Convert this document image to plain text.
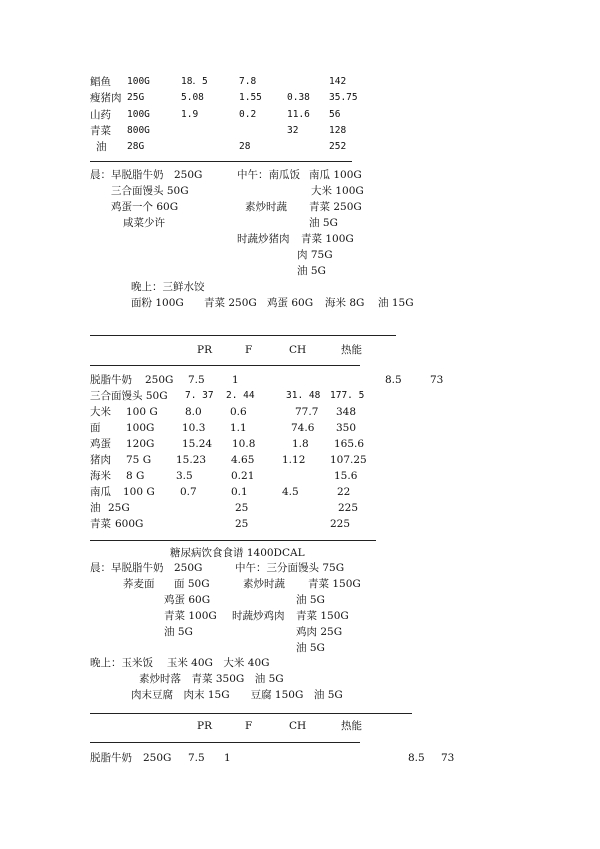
鲳鱼 100G	18．5	7.8	142
瘦猪肉 25G	5.08	1.55	0.38 35.75
山药 100G	1.9	0.2	11.6 56
青菜 800G	32	128
油 28G	28	252
晨：早脱脂牛奶 250G	中午：南瓜饭 南瓜 100G
三合面馒头 50G	大米 100G
鸡蛋一个 60G	素炒时蔬 青菜 250G
咸菜少许	油 5G
时蔬炒猪肉 青菜 100G
肉 75G
油 5G
晚上：三鲜水饺
面粉 100G 青菜 250G 鸡蛋 60G 海米 8G 油 15G
PR	F	CH	热能
脱脂牛奶 250G 7.5	1	8.5	73
三合面馒头 50G 7. 37 2. 44	31. 48 177. 5
大米 100 G	8.0	0.6	77.7 348
面 100G	10.3 1.1	74.6 350
鸡蛋 120G	15.24 10.8	1.8 165.6
猪肉 75 G 15.23 4.65	1.12 107.25
海米 8 G	3.5	0.21	15.6
南瓜 100 G 0.7	0.1	4.5	22
油 25G	25	225
青菜 600G	25	225
糖尿病饮食食谱 1400DCAL
晨：早脱脂牛奶 250G	中午：三分面馒头 75G
荞麦面 面 50G	素炒时蔬 青菜 150G
鸡蛋 60G	油 5G
青菜 100G 时蔬炒鸡肉 青菜 150G
油 5G	鸡肉 25G
油 5G
晚上：玉米饭　 玉米 40G　大米 40G
素炒时落　青菜 350G　油 5G
肉末豆腐　肉末 15G　　豆腐 150G　油 5G
PR	F	CH	热能
脱脂牛奶 250G 7.5 1	8.5 73
